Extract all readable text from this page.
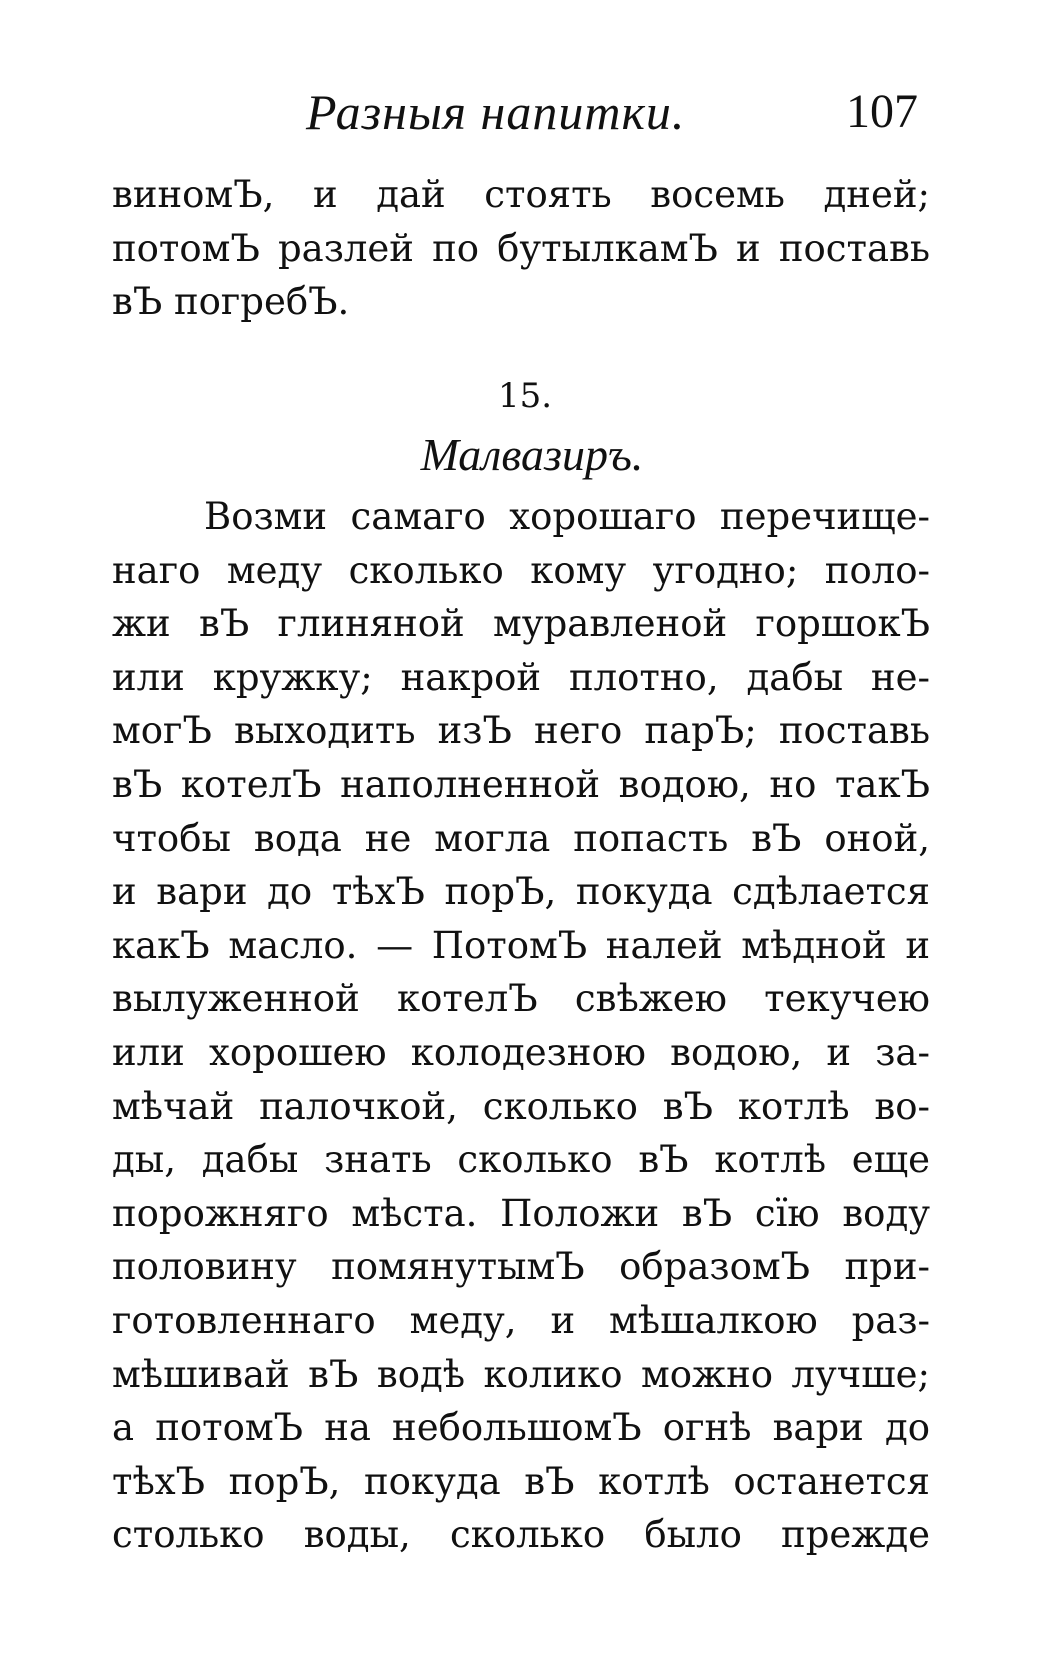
Разныя напитки.	107
виномЪ, и дай стоять восемь дней;
потомЪ разлей по бутылкамЪ и поставь
вЪ погребЪ.
15.
Малвазиръ.
Возми самаго хорошаго перечище-
наго меду сколько кому угодно; поло-
жи вЪ глиняной муравленой горшокЪ
или кружку; накрой плотно, дабы не-
могЪ выходить изЪ него парЪ; поставь
вЪ котелЪ наполненной водою, но такЪ
чтобы вода не могла попасть вЪ оной,
и вари до тѣхЪ порЪ, покуда сдѣлается
какЪ масло. — ПотомЪ налей мѣдной и
вылуженной котелЪ свѣжею текучею
или хорошею колодезною водою, и за-
мѣчай палочкой, сколько вЪ котлѣ во-
ды, дабы знать сколько вЪ котлѣ еще
порожняго мѣста. Положи вЪ сїю воду
половину помянутымЪ образомЪ при-
готовленнаго меду, и мѣшалкою раз-
мѣшивай вЪ водѣ колико можно лучше;
а потомЪ на небольшомЪ огнѣ вари до
тѣхЪ порЪ, покуда вЪ котлѣ останется
столько воды, сколько было прежде
